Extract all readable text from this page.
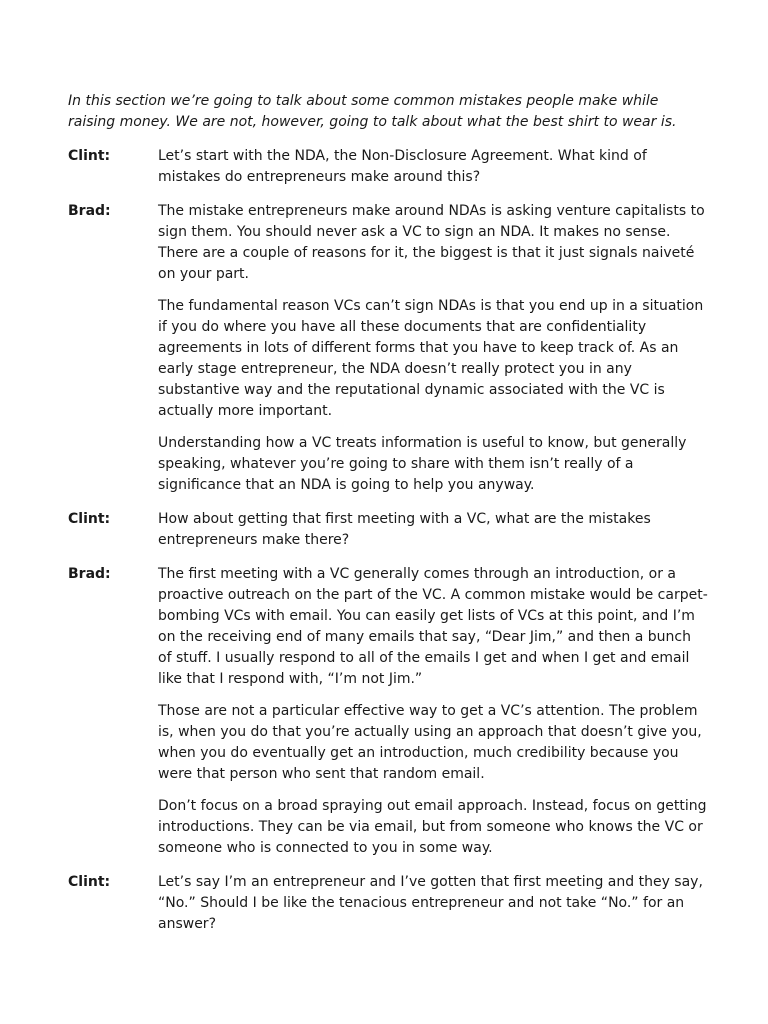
In this section we’re going to talk about some common mistakes people make while raising money. We are not, however, going to talk about what the best shirt to wear is.

Clint:	Let’s start with the NDA, the Non-Disclosure Agreement. What kind of mistakes do entrepreneurs make around this?

Brad:	The mistake entrepreneurs make around NDAs is asking venture capitalists to sign them. You should never ask a VC to sign an NDA. It makes no sense. There are a couple of reasons for it, the biggest is that it just signals naiveté on your part.

The fundamental reason VCs can’t sign NDAs is that you end up in a situation if you do where you have all these documents that are confidentiality agreements in lots of different forms that you have to keep track of. As an early stage entrepreneur, the NDA doesn’t really protect you in any substantive way and the reputational dynamic associated with the VC is actually more important.

Understanding how a VC treats information is useful to know, but generally speaking, whatever you’re going to share with them isn’t really of a significance that an NDA is going to help you anyway.

Clint:	How about getting that first meeting with a VC, what are the mistakes entrepreneurs make there?

Brad:	The first meeting with a VC generally comes through an introduction, or a proactive outreach on the part of the VC. A common mistake would be carpet-bombing VCs with email. You can easily get lists of VCs at this point, and I’m on the receiving end of many emails that say, “Dear Jim,” and then a bunch of stuff. I usually respond to all of the emails I get and when I get and email like that I respond with, “I’m not Jim.”

Those are not a particular effective way to get a VC’s attention. The problem is, when you do that you’re actually using an approach that doesn’t give you, when you do eventually get an introduction, much credibility because you were that person who sent that random email.

Don’t focus on a broad spraying out email approach. Instead, focus on getting introductions. They can be via email, but from someone who knows the VC or someone who is connected to you in some way.

Clint:	Let’s say I’m an entrepreneur and I’ve gotten that first meeting and they say, “No.” Should I be like the tenacious entrepreneur and not take “No.” for an answer?
